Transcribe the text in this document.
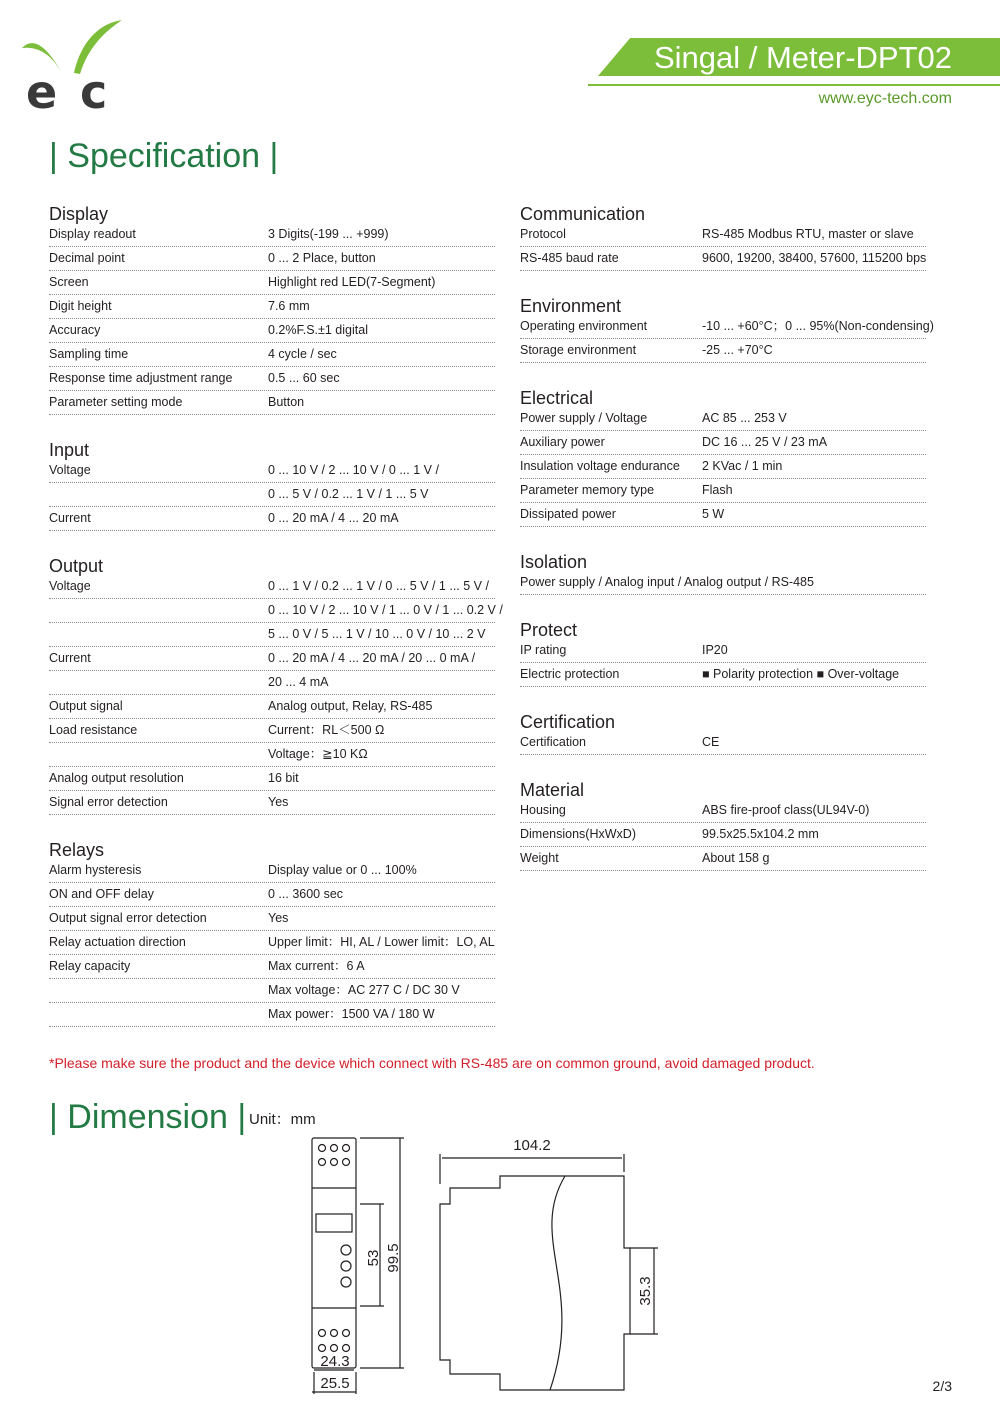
e c
Singal / Meter-DPT02
www.eyc-tech.com
| Specification |
Display
Display readout	3 Digits(-199 ... +999)
Decimal point	0 ... 2 Place, button
Screen	Highlight red LED(7-Segment)
Digit height	7.6 mm
Accuracy	0.2%F.S.±1 digital
Sampling time	4 cycle / sec
Response time adjustment range	0.5 ... 60 sec
Parameter setting mode	Button
Input
Voltage	0 ... 10 V / 2 ... 10 V / 0 ... 1 V /
0 ... 5 V / 0.2 ... 1 V / 1 ... 5 V
Current	0 ... 20 mA / 4 ... 20 mA
Output
Voltage	0 ... 1 V / 0.2 ... 1 V / 0 ... 5 V / 1 ... 5 V /
0 ... 10 V / 2 ... 10 V / 1 ... 0 V / 1 ... 0.2 V /
5 ... 0 V / 5 ... 1 V / 10 ... 0 V / 10 ... 2 V
Current	0 ... 20 mA / 4 ... 20 mA / 20 ... 0 mA /
20 ... 4 mA
Output signal	Analog output, Relay, RS-485
Load resistance	Current：RL＜500 Ω
Voltage：≧10 KΩ
Analog output resolution	16 bit
Signal error detection	Yes
Relays
Alarm hysteresis	Display value or 0 ... 100%
ON and OFF delay	0 ... 3600 sec
Output signal error detection	Yes
Relay actuation direction	Upper limit：HI, AL / Lower limit：LO, AL
Relay capacity	Max current：6 A
Max voltage：AC 277 C / DC 30 V
Max power：1500 VA / 180 W
Communication
Protocol	RS-485 Modbus RTU, master or slave
RS-485 baud rate	9600, 19200, 38400, 57600, 115200 bps
Environment
Operating environment	-10 ... +60°C；0 ... 95%(Non-condensing)
Storage environment	-25 ... +70°C
Electrical
Power supply / Voltage	AC 85 ... 253 V
Auxiliary power	DC 16 ... 25 V / 23 mA
Insulation voltage endurance 2 KVac / 1 min
Parameter memory type	Flash
Dissipated power	5 W
Isolation
Power supply / Analog input / Analog output / RS-485
Protect
IP rating	IP20
Electric protection	■ Polarity protection ■ Over-voltage
Certification
Certification	CE
Material
Housing	ABS fire-proof class(UL94V-0)
Dimensions(HxWxD)	99.5x25.5x104.2 mm
Weight	About 158 g
*Please make sure the product and the device which connect with RS-485 are on common ground, avoid damaged product.
| Dimension | Unit：mm
104.2
99.5
53
35.3
24.3
25.5	2/3
